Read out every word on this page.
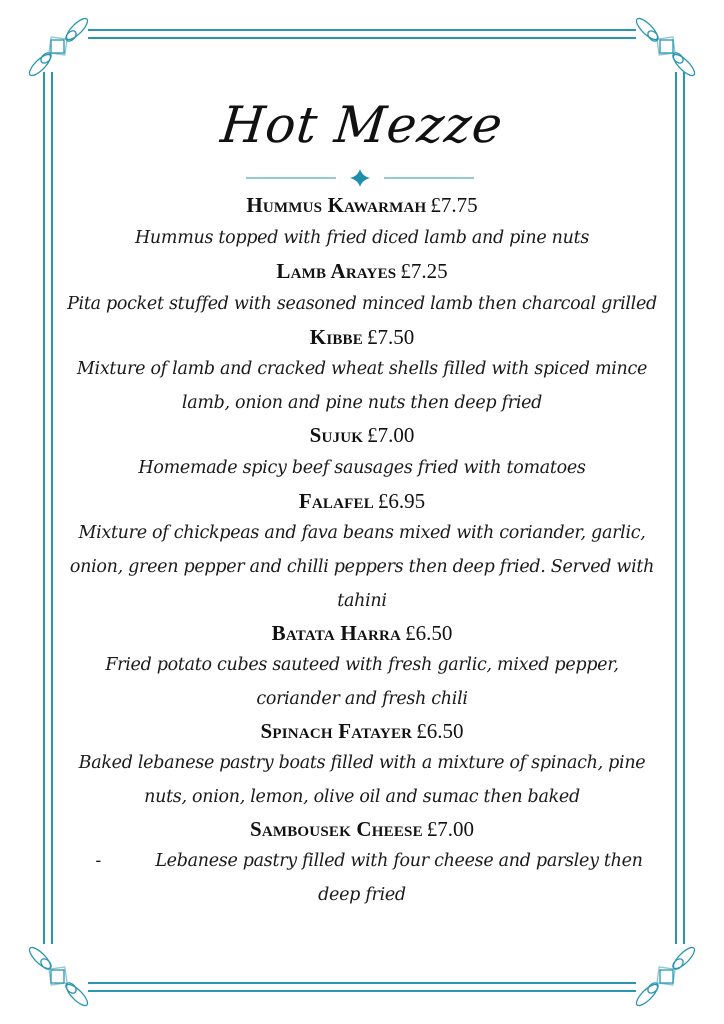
Hot Mezze

Hummus Kawarmah £7.75

Hummus topped with fried diced lamb and pine nuts

Lamb Arayes £7.25

Pita pocket stuffed with seasoned minced lamb then charcoal grilled

Kibbe £7.50

Mixture of lamb and cracked wheat shells filled with spiced mince lamb, onion and pine nuts then deep fried

Sujuk £7.00

Homemade spicy beef sausages fried with tomatoes

Falafel £6.95

Mixture of chickpeas and fava beans mixed with coriander, garlic, onion, green pepper and chilli peppers then deep fried. Served with tahini

Batata Harra £6.50

Fried potato cubes sauteed with fresh garlic, mixed pepper, coriander and fresh chili

Spinach Fatayer £6.50

Baked lebanese pastry boats filled with a mixture of spinach, pine nuts, onion, lemon, olive oil and sumac then baked

Sambousek Cheese £7.00

-	Lebanese pastry filled with four cheese and parsley then deep fried
